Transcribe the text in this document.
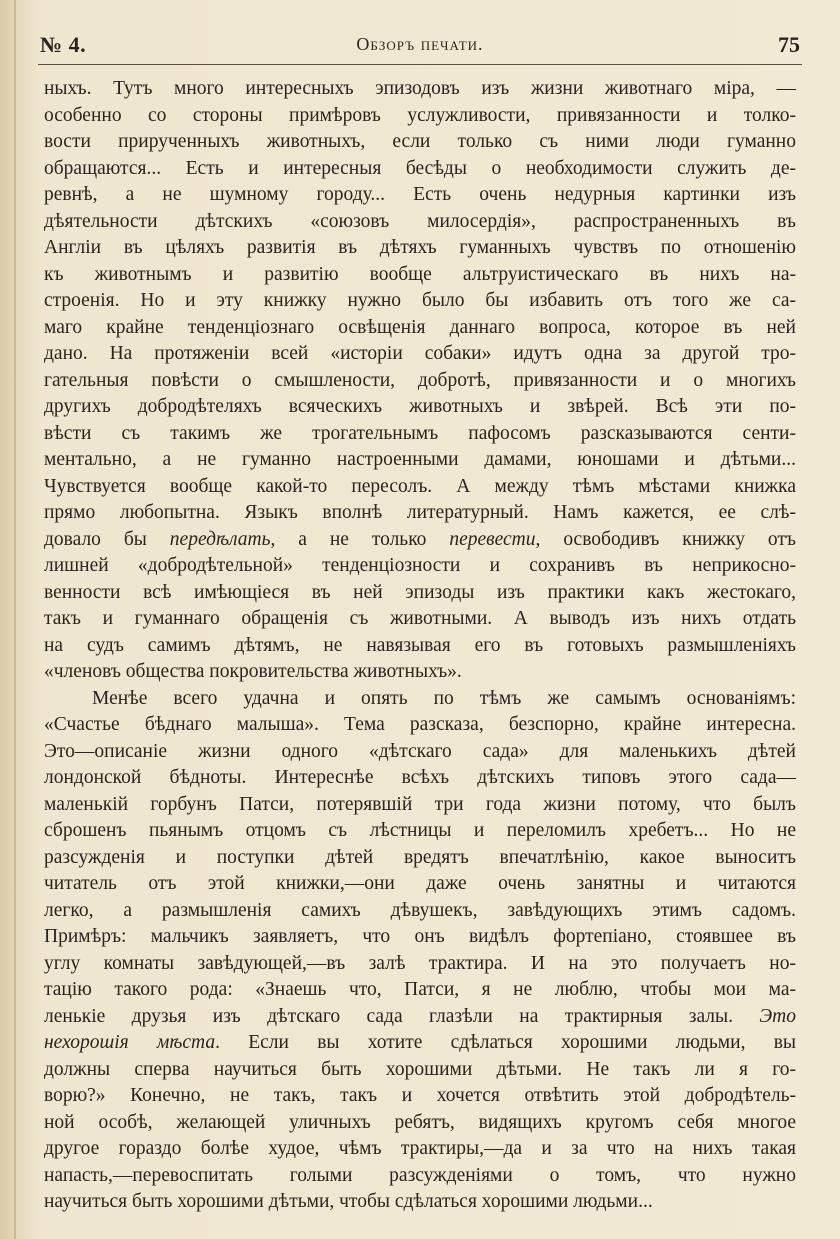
№ 4.	Обзоръ печати.	75
ныхъ. Тутъ много интересныхъ эпизодовъ изъ жизни животнаго міра, —
особенно со стороны примѣровъ услужливости, привязанности и толко-
вости прирученныхъ животныхъ, если только съ ними люди гуманно
обращаются... Есть и интересныя бесѣды о необходимости служить де-
ревнѣ, а не шумному городу... Есть очень недурныя картинки изъ
дѣятельности дѣтскихъ «союзовъ милосердія», распространенныхъ въ
Англіи въ цѣляхъ развитія въ дѣтяхъ гуманныхъ чувствъ по отношенію
къ животнымъ и развитію вообще альтруистическаго въ нихъ на-
строенія. Но и эту книжку нужно было бы избавить отъ того же са-
маго крайне тенденціознаго освѣщенія даннаго вопроса, которое въ ней
дано. На протяженіи всей «исторіи собаки» идутъ одна за другой тро-
гательныя повѣсти о смышлености, добротѣ, привязанности и о многихъ
другихъ добродѣтеляхъ всяческихъ животныхъ и звѣрей. Всѣ эти по-
вѣсти съ такимъ же трогательнымъ пафосомъ разсказываются сенти-
ментально, а не гуманно настроенными дамами, юношами и дѣтьми...
Чувствуется вообще какой-то пересолъ. А между тѣмъ мѣстами книжка
прямо любопытна. Языкъ вполнѣ литературный. Намъ кажется, ее слѣ-
довало бы передѣлать, а не только перевести, освободивъ книжку отъ
лишней «добродѣтельной» тенденціозности и сохранивъ въ неприкосно-
венности всѣ имѣющіеся въ ней эпизоды изъ практики какъ жестокаго,
такъ и гуманнаго обращенія съ животными. А выводъ изъ нихъ отдать
на судъ самимъ дѣтямъ, не навязывая его въ готовыхъ размышленіяхъ
«членовъ общества покровительства животныхъ».
Менѣе всего удачна и опять по тѣмъ же самымъ основаніямъ:
«Счастье бѣднаго малыша». Тема разсказа, безспорно, крайне интересна.
Это—описаніе жизни одного «дѣтскаго сада» для маленькихъ дѣтей
лондонской бѣдноты. Интереснѣе всѣхъ дѣтскихъ типовъ этого сада—
маленькій горбунъ Патси, потерявшій три года жизни потому, что былъ
сброшенъ пьянымъ отцомъ съ лѣстницы и переломилъ хребетъ... Но не
разсужденія и поступки дѣтей вредятъ впечатлѣнію, какое выноситъ
читатель отъ этой книжки,—они даже очень занятны и читаются
легко, а размышленія самихъ дѣвушекъ, завѣдующихъ этимъ садомъ.
Примѣръ: мальчикъ заявляетъ, что онъ видѣлъ фортепіано, стоявшее въ
углу комнаты завѣдующей,—въ залѣ трактира. И на это получаетъ но-
тацію такого рода: «Знаешь что, Патси, я не люблю, чтобы мои ма-
ленькіе друзья изъ дѣтскаго сада глазѣли на трактирныя залы. Это
нехорошія мѣста. Если вы хотите сдѣлаться хорошими людьми, вы
должны сперва научиться быть хорошими дѣтьми. Не такъ ли я го-
ворю?» Конечно, не такъ, такъ и хочется отвѣтить этой добродѣтель-
ной особѣ, желающей уличныхъ ребятъ, видящихъ кругомъ себя многое
другое гораздо болѣе худое, чѣмъ трактиры,—да и за что на нихъ такая
напасть,—перевоспитать голыми разсужденіями о томъ, что нужно
научиться быть хорошими дѣтьми, чтобы сдѣлаться хорошими людьми...
